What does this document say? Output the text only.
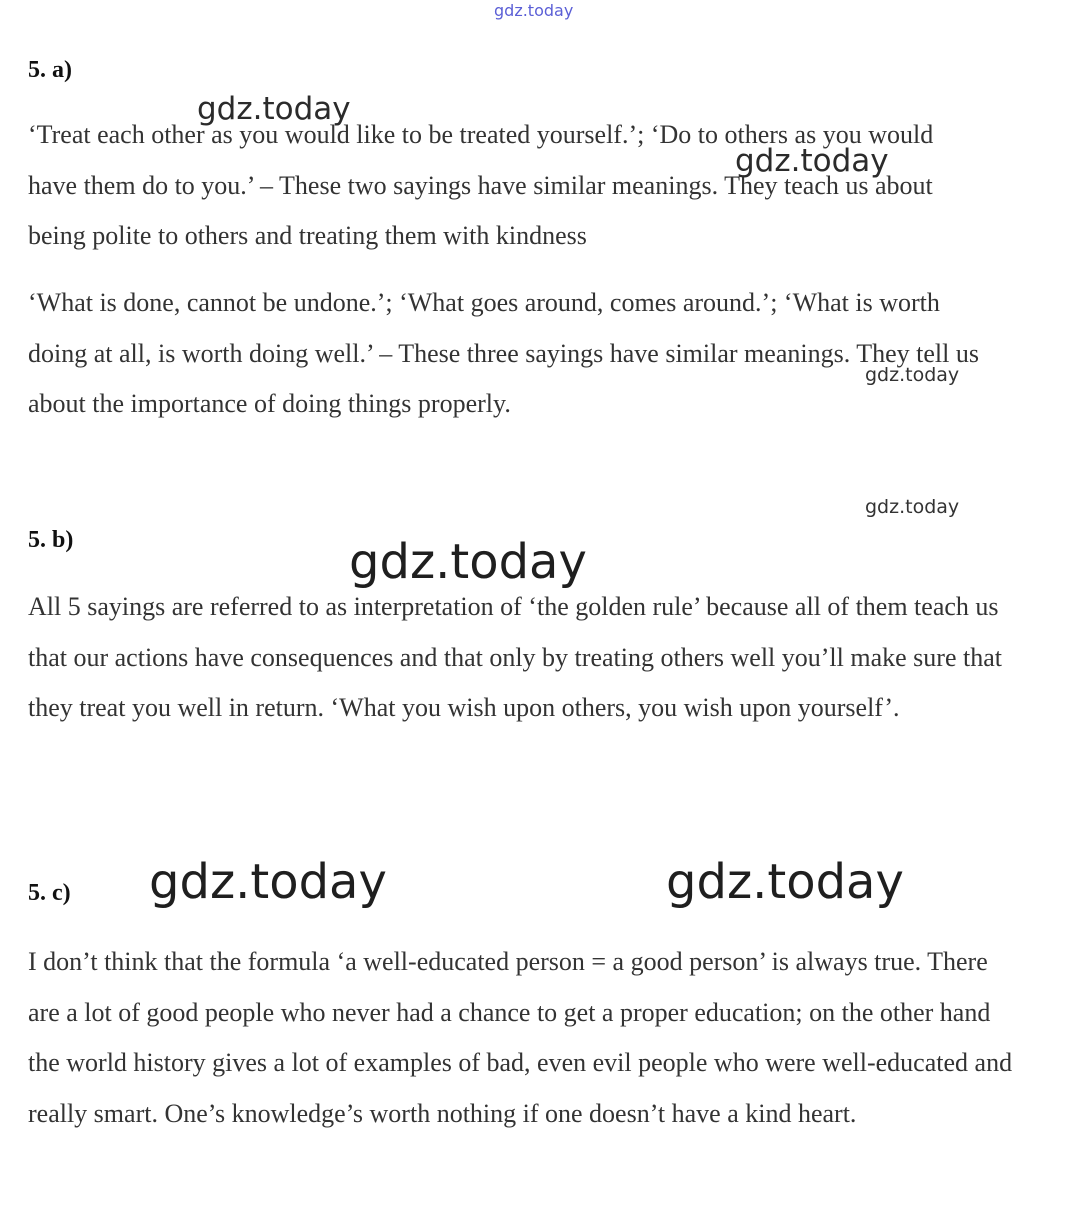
gdz.today
5. a)

‘Treat each other as you would like to be treated yourself.’; ‘Do to others as you would have them do to you.’ – These two sayings have similar meanings. They teach us about being polite to others and treating them with kindness

‘What is done, cannot be undone.’; ‘What goes around, comes around.’; ‘What is worth doing at all, is worth doing well.’ – These three sayings have similar meanings. They tell us about the importance of doing things properly.

5. b)

All 5 sayings are referred to as interpretation of ‘the golden rule’ because all of them teach us that our actions have consequences and that only by treating others well you’ll make sure that they treat you well in return. ‘What you wish upon others, you wish upon yourself’.

5. c)

I don’t think that the formula ‘a well-educated person = a good person’ is always true. There are a lot of good people who never had a chance to get a proper education; on the other hand the world history gives a lot of examples of bad, even evil people who were well-educated and really smart. One’s knowledge’s worth nothing if one doesn’t have a kind heart.

gdz.today
gdz.today
gdz.today
gdz.today
gdz.today
gdz.today	gdz.today
